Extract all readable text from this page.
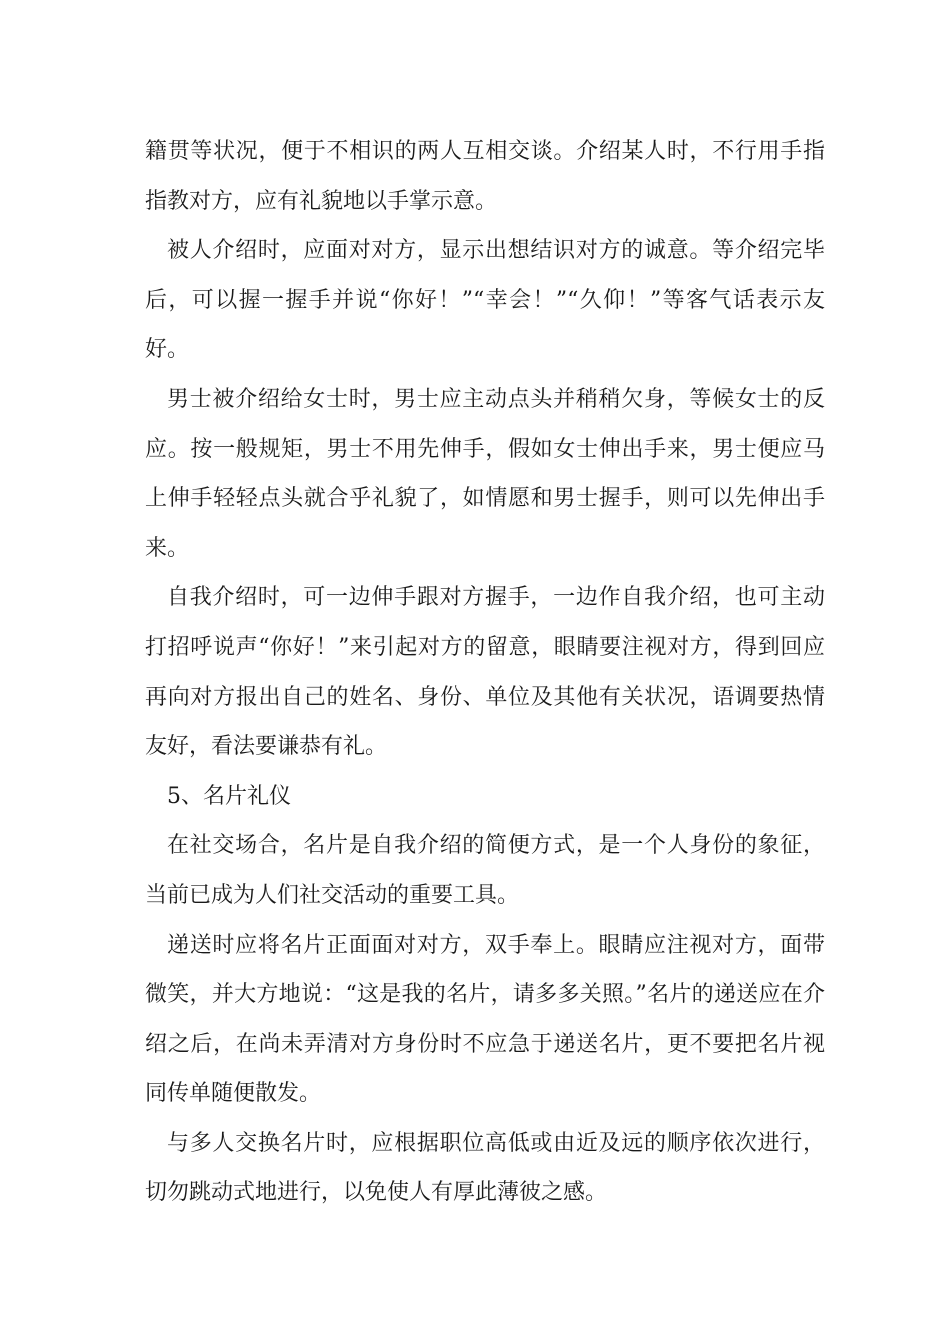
籍贯等状况，便于不相识的两人互相交谈。介绍某人时，不行用手指指教对方，应有礼貌地以手掌示意。

被人介绍时，应面对对方，显示出想结识对方的诚意。等介绍完毕后，可以握一握手并说“你好！”“幸会！”“久仰！”等客气话表示友好。

男士被介绍给女士时，男士应主动点头并稍稍欠身，等候女士的反应。按一般规矩，男士不用先伸手，假如女士伸出手来，男士便应马上伸手轻轻点头就合乎礼貌了，如情愿和男士握手，则可以先伸出手来。

自我介绍时，可一边伸手跟对方握手，一边作自我介绍，也可主动打招呼说声“你好！”来引起对方的留意，眼睛要注视对方，得到回应再向对方报出自己的姓名、身份、单位及其他有关状况，语调要热情友好，看法要谦恭有礼。

5、名片礼仪

在社交场合，名片是自我介绍的简便方式，是一个人身份的象征，当前已成为人们社交活动的重要工具。

递送时应将名片正面面对对方，双手奉上。眼睛应注视对方，面带微笑，并大方地说：“这是我的名片，请多多关照。”名片的递送应在介绍之后，在尚未弄清对方身份时不应急于递送名片，更不要把名片视同传单随便散发。

与多人交换名片时，应根据职位高低或由近及远的顺序依次进行，切勿跳动式地进行，以免使人有厚此薄彼之感。
